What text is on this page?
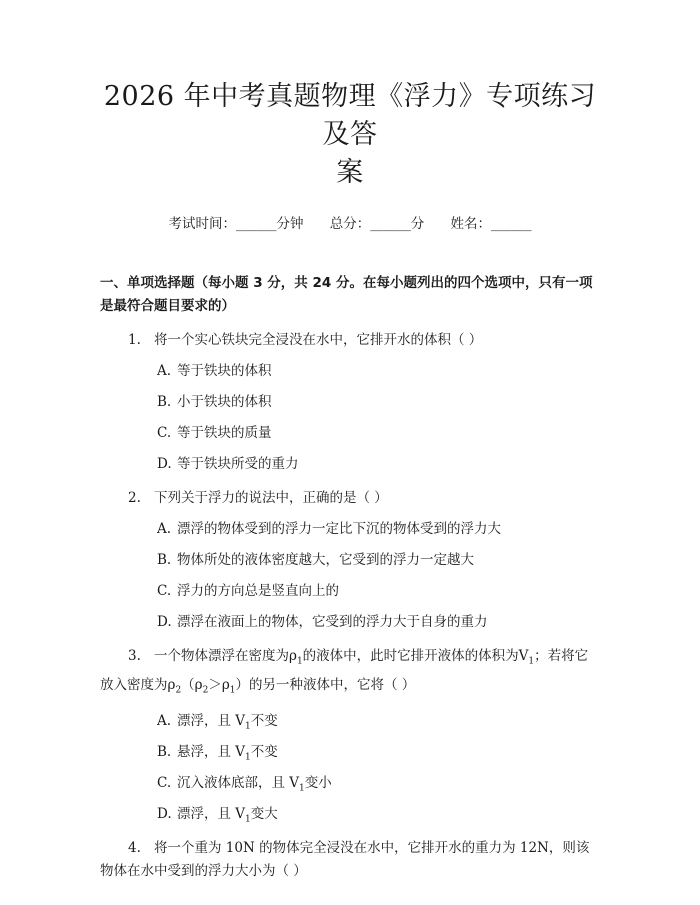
2026 年中考真题物理《浮力》专项练习及答
案
考试时间：______分钟 总分：______分 姓名：______
一、单项选择题（每小题 3 分，共 24 分。在每小题列出的四个选项中，只有一项是最符合题目要求的）
1. 将一个实心铁块完全浸没在水中，它排开水的体积（ ）
A. 等于铁块的体积
B. 小于铁块的体积
C. 等于铁块的质量
D. 等于铁块所受的重力
2. 下列关于浮力的说法中，正确的是（ ）
A. 漂浮的物体受到的浮力一定比下沉的物体受到的浮力大
B. 物体所处的液体密度越大，它受到的浮力一定越大
C. 浮力的方向总是竖直向上的
D. 漂浮在液面上的物体，它受到的浮力大于自身的重力
3. 一个物体漂浮在密度为$\rho_1$的液体中，此时它排开液体的体积为$V_1$；若将它放入密度为$\rho_2(\rho_2>\rho_1)$的另一种液体中，它将（ ）
A. 漂浮，且 $V_1$不变
B. 悬浮，且 $V_1$不变
C. 沉入液体底部，且 $V_1$变小
D. 漂浮，且 $V_1$变大
4. 将一个重为 10N 的物体完全浸没在水中，它排开水的重力为 12N，则该物体在水中受到的浮力大小为（ ）
